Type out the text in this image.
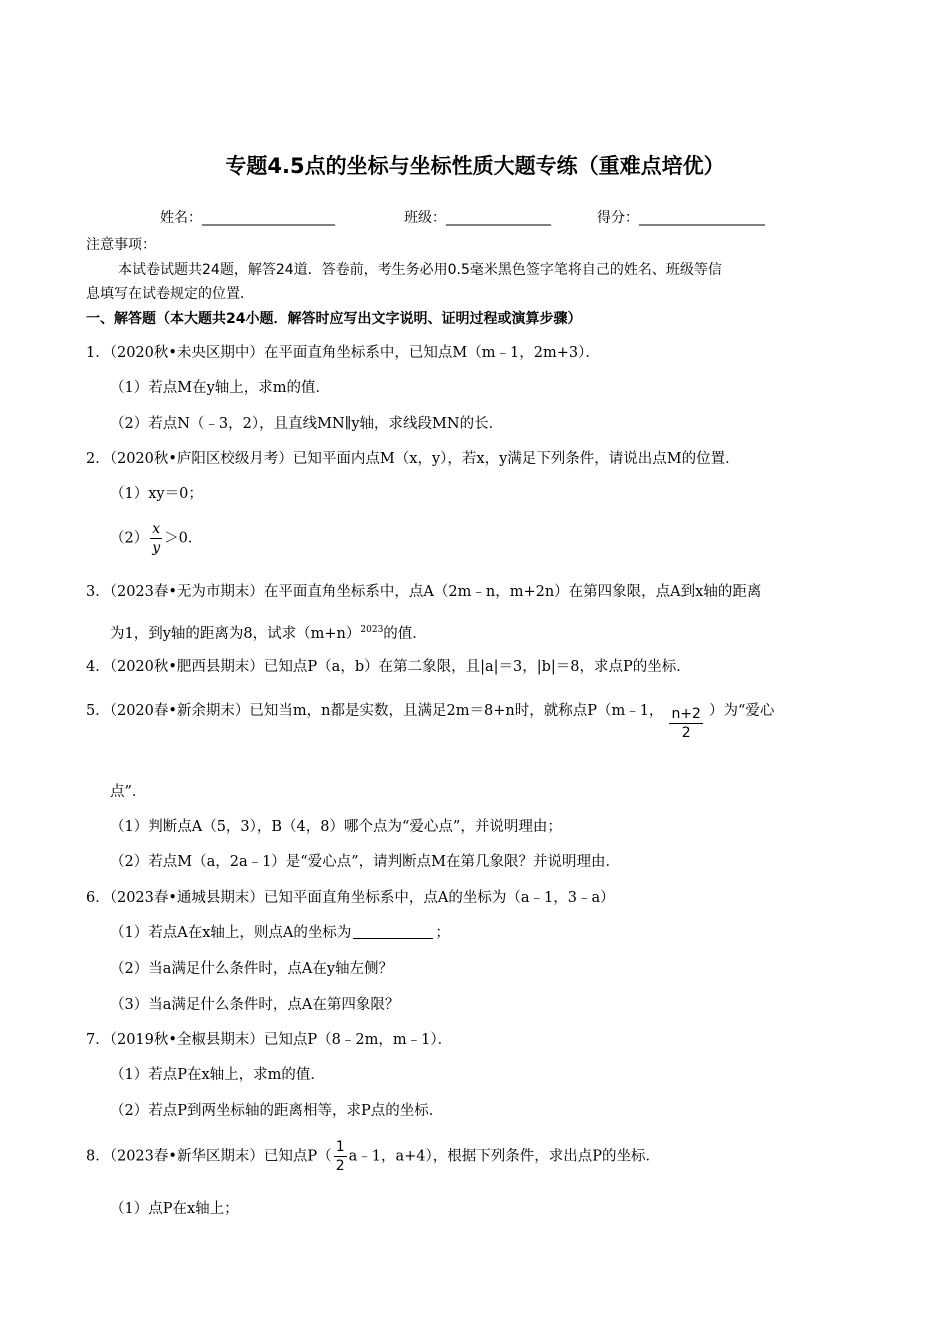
专题4.5点的坐标与坐标性质大题专练（重难点培优）
姓名：___________________	班级：_______________	得分：__________________
注意事项：
本试卷试题共24题，解答24道．答卷前，考生务必用0.5毫米黑色签字笔将自己的姓名、班级等信
息填写在试卷规定的位置．
一、解答题（本大题共24小题．解答时应写出文字说明、证明过程或演算步骤）
1．（2020秋•未央区期中）在平面直角坐标系中，已知点M（m﹣1，2m+3）．
（1）若点M在y轴上，求m的值．
（2）若点N（﹣3，2），且直线MN∥y轴，求线段MN的长．
2．（2020秋•庐阳区校级月考）已知平面内点M（x，y），若x，y满足下列条件，请说出点M的位置．
（1）xy＝0；
$(2) \frac{x}{y} >0$．
3．（2023春•无为市期末）在平面直角坐标系中，点A（2m﹣n，m+2n）在第四象限，点A到x轴的距离
为1，到y轴的距离为8，试求$(m+n)^{2023}$的值．
4．（2020秋•肥西县期末）已知点P（a，b）在第二象限，且|a|＝3，|b|＝8，求点P的坐标．
5．（2020春•新余期末）已知当m，n都是实数，且满足2m＝8+n时，就称点P（m﹣1， $\frac{n+2}{2}$ ）为“爱心
点”．
（1）判断点A（5，3），B（4，8）哪个点为“爱心点”，并说明理由；
（2）若点M（a，2a﹣1）是“爱心点”，请判断点M在第几象限？并说明理由．
6．（2023春•通城县期末）已知平面直角坐标系中，点A的坐标为（a﹣1，3﹣a）
（1）若点A在x轴上，则点A的坐标为	；
（2）当a满足什么条件时，点A在y轴左侧？
（3）当a满足什么条件时，点A在第四象限？
7．（2019秋•全椒县期末）已知点P（8﹣2m，m﹣1）．
（1）若点P在x轴上，求m的值．
（2）若点P到两坐标轴的距离相等，求P点的坐标．
8．（2023春•新华区期末）已知点$P( \frac{1}{2}$ a﹣1，a+4），根据下列条件，求出点P的坐标．
（1）点P在x轴上；
